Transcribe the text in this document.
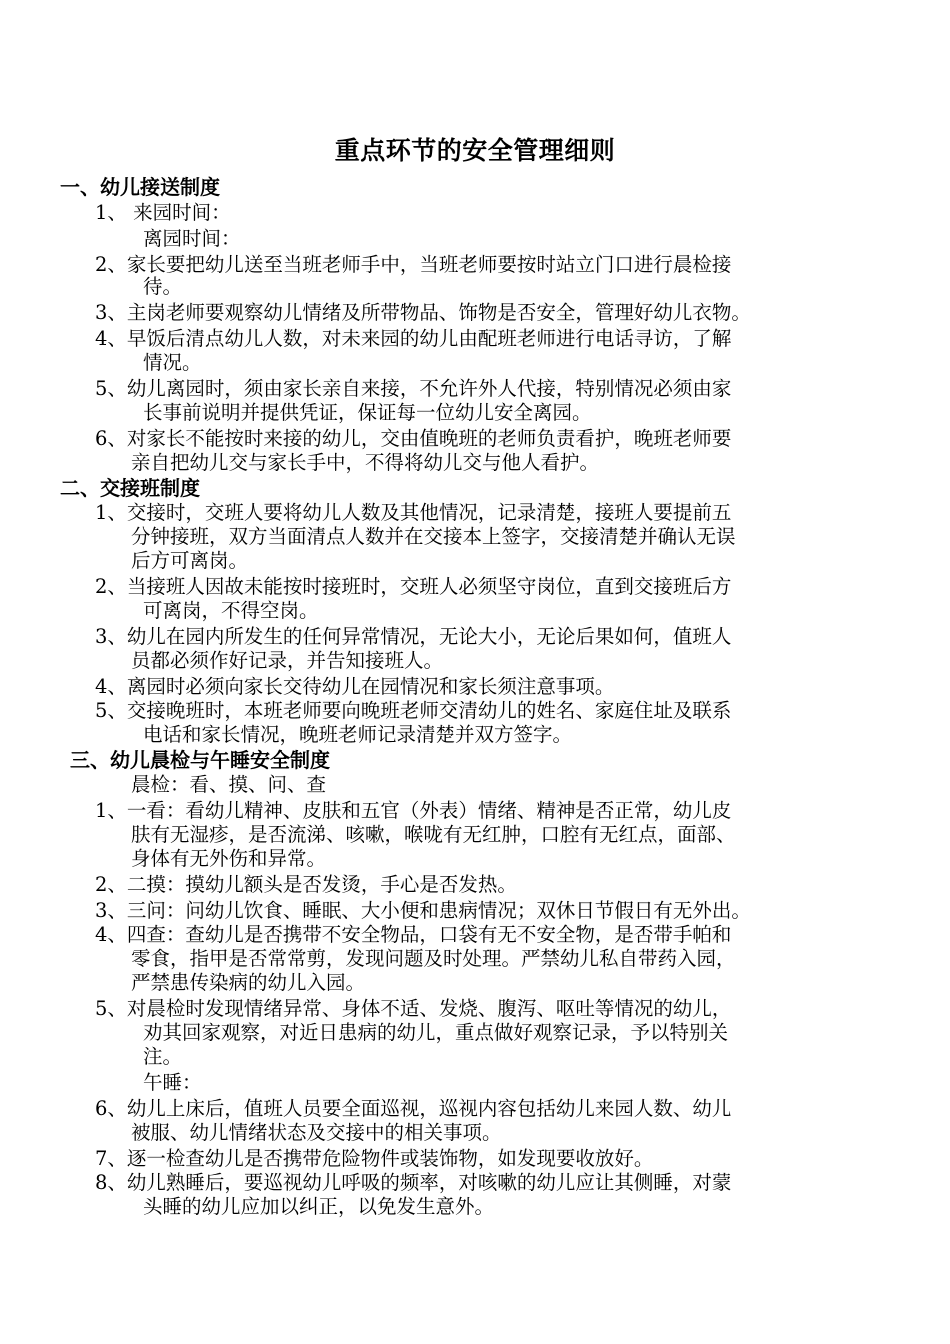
重点环节的安全管理细则
一、幼儿接送制度
1、 来园时间：
离园时间：
2、家长要把幼儿送至当班老师手中，当班老师要按时站立门口进行晨检接
待。
3、主岗老师要观察幼儿情绪及所带物品、饰物是否安全，管理好幼儿衣物。
4、早饭后清点幼儿人数，对未来园的幼儿由配班老师进行电话寻访，了解
情况。
5、幼儿离园时，须由家长亲自来接，不允许外人代接，特别情况必须由家
长事前说明并提供凭证，保证每一位幼儿安全离园。
6、对家长不能按时来接的幼儿，交由值晚班的老师负责看护，晚班老师要
亲自把幼儿交与家长手中，不得将幼儿交与他人看护。
二、交接班制度
1、交接时，交班人要将幼儿人数及其他情况，记录清楚，接班人要提前五
分钟接班，双方当面清点人数并在交接本上签字，交接清楚并确认无误
后方可离岗。
2、当接班人因故未能按时接班时，交班人必须坚守岗位，直到交接班后方
可离岗，不得空岗。
3、幼儿在园内所发生的任何异常情况，无论大小，无论后果如何，值班人
员都必须作好记录，并告知接班人。
4、离园时必须向家长交待幼儿在园情况和家长须注意事项。
5、交接晚班时，本班老师要向晚班老师交清幼儿的姓名、家庭住址及联系
电话和家长情况，晚班老师记录清楚并双方签字。
三、幼儿晨检与午睡安全制度
晨检：看、摸、问、查
1、一看：看幼儿精神、皮肤和五官（外表）情绪、精神是否正常，幼儿皮
肤有无湿疹，是否流涕、咳嗽，喉咙有无红肿，口腔有无红点，面部、
身体有无外伤和异常。
2、二摸：摸幼儿额头是否发烫，手心是否发热。
3、三问：问幼儿饮食、睡眠、大小便和患病情况；双休日节假日有无外出。
4、四查：查幼儿是否携带不安全物品，口袋有无不安全物，是否带手帕和
零食，指甲是否常常剪，发现问题及时处理。严禁幼儿私自带药入园，
严禁患传染病的幼儿入园。
5、对晨检时发现情绪异常、身体不适、发烧、腹泻、呕吐等情况的幼儿，
劝其回家观察，对近日患病的幼儿，重点做好观察记录，予以特别关
注。
午睡：
6、幼儿上床后，值班人员要全面巡视，巡视内容包括幼儿来园人数、幼儿
被服、幼儿情绪状态及交接中的相关事项。
7、逐一检查幼儿是否携带危险物件或装饰物，如发现要收放好。
8、幼儿熟睡后，要巡视幼儿呼吸的频率，对咳嗽的幼儿应让其侧睡，对蒙
头睡的幼儿应加以纠正，以免发生意外。
